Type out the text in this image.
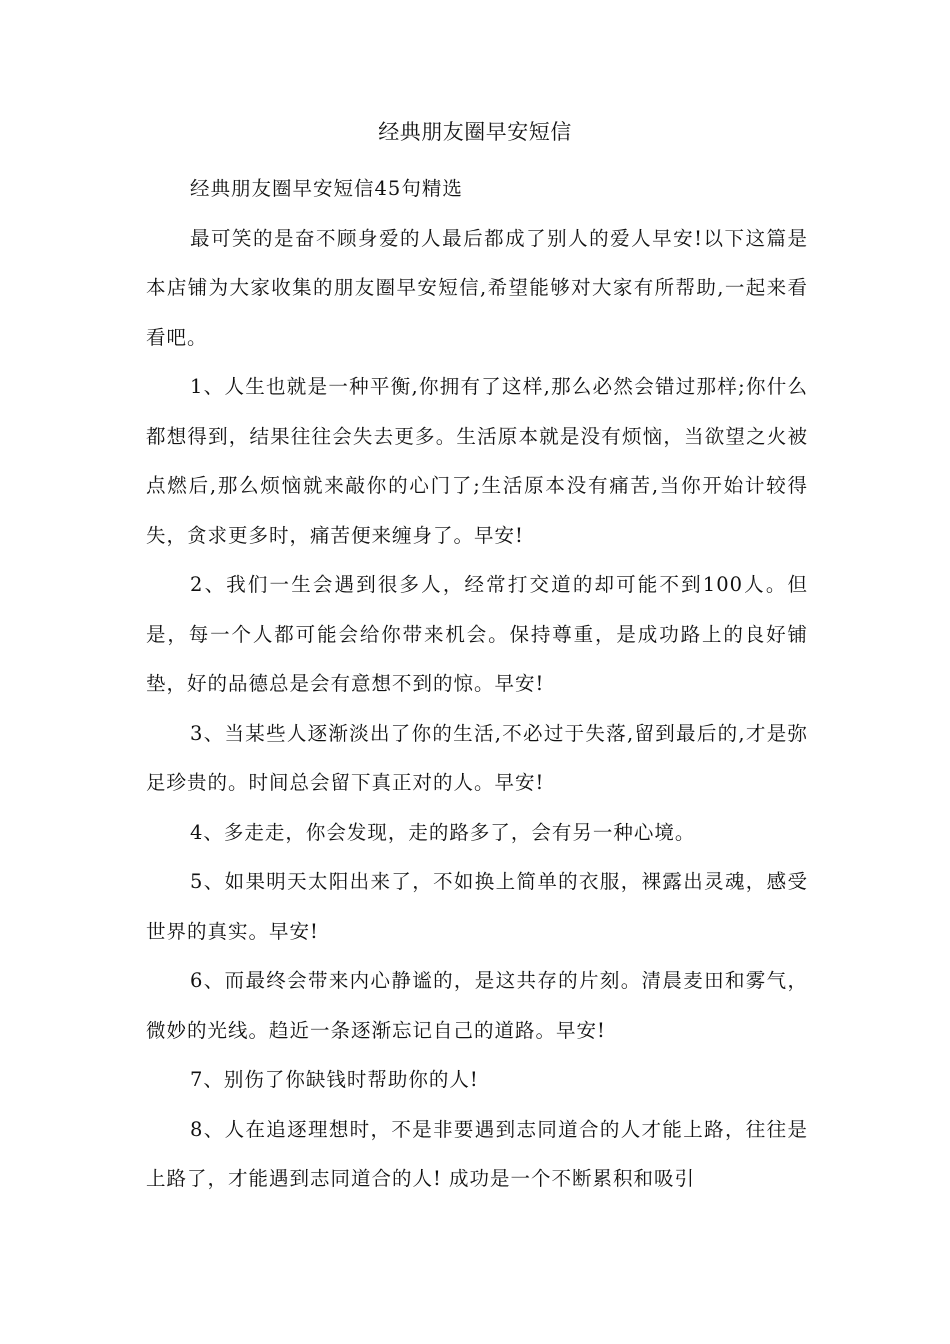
经典朋友圈早安短信

经典朋友圈早安短信45句精选

最可笑的是奋不顾身爱的人最后都成了别人的爱人早安!以下这篇是本店铺为大家收集的朋友圈早安短信,希望能够对大家有所帮助,一起来看看吧。

1、人生也就是一种平衡,你拥有了这样,那么必然会错过那样;你什么都想得到，结果往往会失去更多。生活原本就是没有烦恼，当欲望之火被点燃后,那么烦恼就来敲你的心门了;生活原本没有痛苦,当你开始计较得失，贪求更多时，痛苦便来缠身了。早安!

2、我们一生会遇到很多人，经常打交道的却可能不到100人。但是，每一个人都可能会给你带来机会。保持尊重，是成功路上的良好铺垫，好的品德总是会有意想不到的惊。早安!

3、当某些人逐渐淡出了你的生活,不必过于失落,留到最后的,才是弥足珍贵的。时间总会留下真正对的人。早安!

4、多走走，你会发现，走的路多了，会有另一种心境。

5、如果明天太阳出来了，不如换上简单的衣服，裸露出灵魂，感受世界的真实。早安!

6、而最终会带来内心静谧的，是这共存的片刻。清晨麦田和雾气，微妙的光线。趋近一条逐渐忘记自己的道路。早安!

7、别伤了你缺钱时帮助你的人!

8、人在追逐理想时，不是非要遇到志同道合的人才能上路，往往是上路了，才能遇到志同道合的人! 成功是一个不断累积和吸引
